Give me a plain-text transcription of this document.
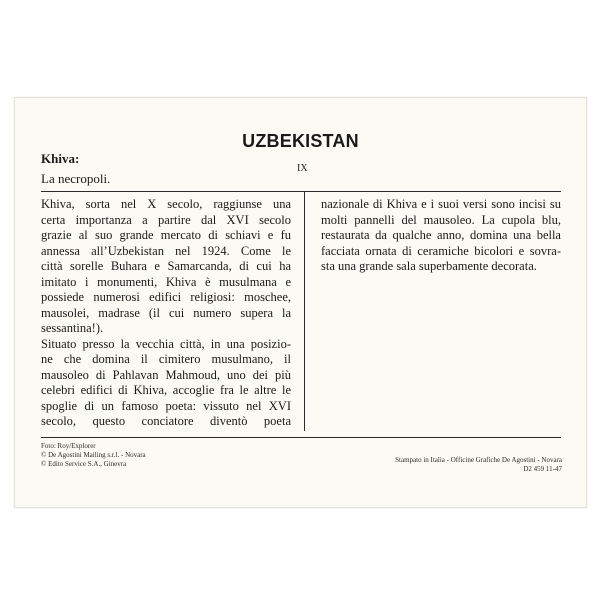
UZBEKISTAN
Khiva:
La necropoli.
IX
Khiva, sorta nel X secolo, raggiunse una
certa importanza a partire dal XVI secolo
grazie al suo grande mercato di schiavi e fu
annessa all’Uzbekistan nel 1924. Come le
città sorelle Buhara e Samarcanda, di cui ha
imitato i monumenti, Khiva è musulmana e
possiede numerosi edifici religiosi: moschee,
mausolei, madrase (il cui numero supera la
sessantina!).
Situato presso la vecchia città, in una posizio-
ne che domina il cimitero musulmano, il
mausoleo di Pahlavan Mahmoud, uno dei più
celebri edifici di Khiva, accoglie fra le altre le
spoglie di un famoso poeta: vissuto nel XVI
secolo, questo conciatore diventò poeta
nazionale di Khiva e i suoi versi sono incisi su
molti pannelli del mausoleo. La cupola blu,
restaurata da qualche anno, domina una bella
facciata ornata di ceramiche bicolori e sovra-
sta una grande sala superbamente decorata.
Foto: Roy/Explorer
© De Agostini Mailing s.r.l. - Novara
© Edito Service S.A., Ginevra	Stampato in Italia - Officine Grafiche De Agostini - Novara
D2 459 11-47
